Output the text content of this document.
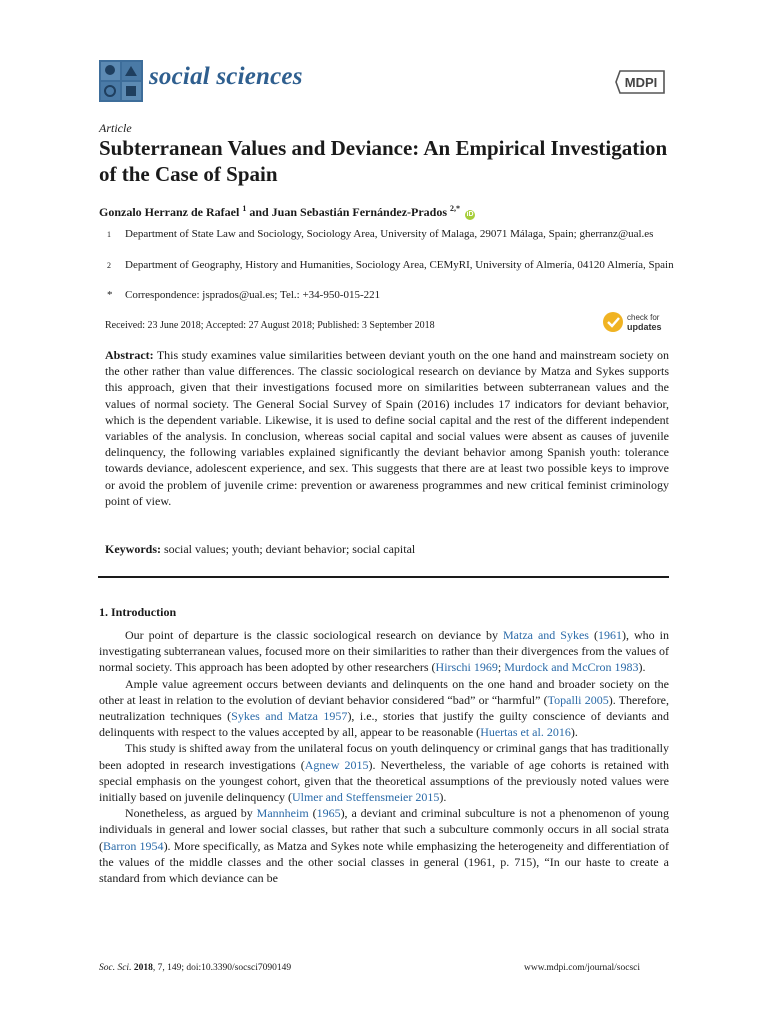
social sciences	MDPI
Article
Subterranean Values and Deviance: An Empirical Investigation of the Case of Spain
Gonzalo Herranz de Rafael $^1$ and Juan Sebastián Fernández-Prados $^{2,*}$ iD
1 Department of State Law and Sociology, Sociology Area, University of Malaga, 29071 Málaga, Spain; gherranz@ual.es
2 Department of Geography, History and Humanities, Sociology Area, CEMyRI, University of Almería, 04120 Almería, Spain
* Correspondence: jsprados@ual.es; Tel.: +34-950-015-221
Received: 23 June 2018; Accepted: 27 August 2018; Published: 3 September 2018
check for
updates
Abstract: This study examines value similarities between deviant youth on the one hand and mainstream society on the other rather than value differences. The classic sociological research on deviance by Matza and Sykes supports this approach, given that their investigations focused more on similarities between subterranean values and the values of normal society. The General Social Survey of Spain (2016) includes 17 indicators for deviant behavior, which is the dependent variable. Likewise, it is used to define social capital and the rest of the different independent variables of the analysis. In conclusion, whereas social capital and social values were absent as causes of juvenile delinquency, the following variables explained significantly the deviant behavior among Spanish youth: tolerance towards deviance, adolescent experience, and sex. This suggests that there are at least two possible keys to improve or avoid the problem of juvenile crime: prevention or awareness programmes and new critical feminist criminology point of view.
Keywords: social values; youth; deviant behavior; social capital
1. Introduction

Our point of departure is the classic sociological research on deviance by Matza and Sykes (1961), who in investigating subterranean values, focused more on their similarities to rather than their divergences from the values of normal society. This approach has been adopted by other researchers (Hirschi 1969; Murdock and McCron 1983).

Ample value agreement occurs between deviants and delinquents on the one hand and broader society on the other at least in relation to the evolution of deviant behavior considered “bad” or “harmful” (Topalli 2005). Therefore, neutralization techniques (Sykes and Matza 1957), i.e., stories that justify the guilty conscience of deviants and delinquents with respect to the values accepted by all, appear to be reasonable (Huertas et al. 2016).

This study is shifted away from the unilateral focus on youth delinquency or criminal gangs that has traditionally been adopted in research investigations (Agnew 2015). Nevertheless, the variable of age cohorts is retained with special emphasis on the youngest cohort, given that the theoretical assumptions of the previously noted values were initially based on juvenile delinquency (Ulmer and Steffensmeier 2015).

Nonetheless, as argued by Mannheim (1965), a deviant and criminal subculture is not a phenomenon of young individuals in general and lower social classes, but rather that such a subculture commonly occurs in all social strata (Barron 1954). More specifically, as Matza and Sykes note while emphasizing the heterogeneity and differentiation of the values of the middle classes and the other social classes in general (1961, p. 715), “In our haste to create a standard from which deviance can be

Soc. Sci. 2018, 7, 149; doi:10.3390/socsci7090149	www.mdpi.com/journal/socsci
